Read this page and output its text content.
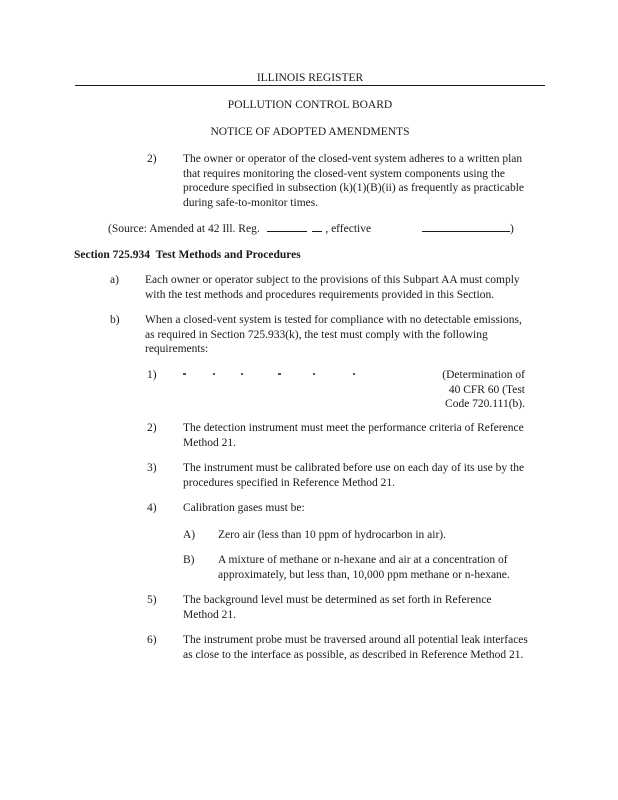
ILLINOIS REGISTER
POLLUTION CONTROL BOARD
NOTICE OF ADOPTED AMENDMENTS
2)	The owner or operator of the closed-vent system adheres to a written plan
that requires monitoring the closed-vent system components using the
procedure specified in subsection (k)(1)(B)(ii) as frequently as practicable
during safe-to-monitor times.
(Source: Amended at 42 Ill. Reg.	, effective	)
Section 725.934 Test Methods and Procedures
a)	Each owner or operator subject to the provisions of this Subpart AA must comply
with the test methods and procedures requirements provided in this Section.
b)	When a closed-vent system is tested for compliance with no detectable emissions,
as required in Section 725.933(k), the test must comply with the following
requirements:
1)	(Determination of
40 CFR 60 (Test
Code 720.111(b).
2)	The detection instrument must meet the performance criteria of Reference
Method 21.
3)	The instrument must be calibrated before use on each day of its use by the
procedures specified in Reference Method 21.
4)	Calibration gases must be:
A)	Zero air (less than 10 ppm of hydrocarbon in air).
B)	A mixture of methane or n-hexane and air at a concentration of
approximately, but less than, 10,000 ppm methane or n-hexane.
5)	The background level must be determined as set forth in Reference
Method 21.
6)	The instrument probe must be traversed around all potential leak interfaces
as close to the interface as possible, as described in Reference Method 21.
